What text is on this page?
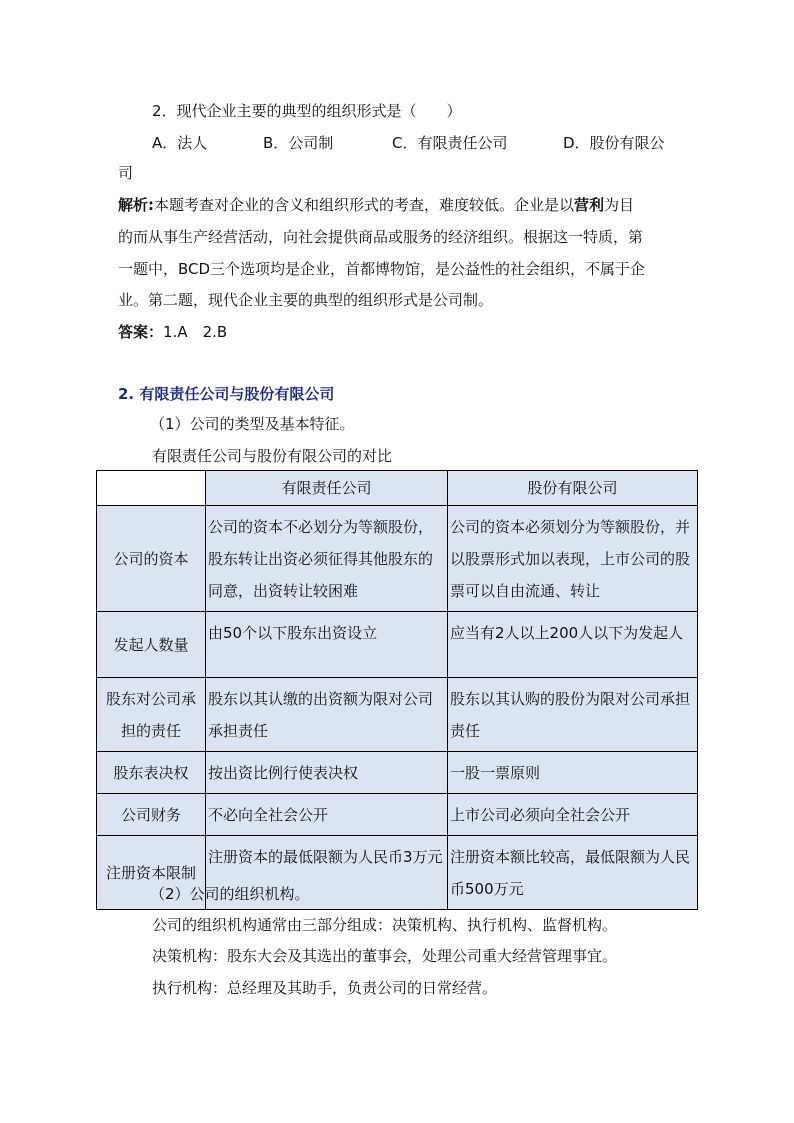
2．现代企业主要的典型的组织形式是（　　）
A．法人	B．公司制	C．有限责任公司	D．股份有限公
司
解析:本题考查对企业的含义和组织形式的考查，难度较低。企业是以营利为目
的而从事生产经营活动，向社会提供商品或服务的经济组织。根据这一特质，第
一题中，BCD三个选项均是企业，首都博物馆，是公益性的社会组织，不属于企
业。第二题，现代企业主要的典型的组织形式是公司制。
答案：1.A　2.B
2. 有限责任公司与股份有限公司
（1）公司的类型及基本特征。
有限责任公司与股份有限公司的对比
	有限责任公司	股份有限公司
公司的资本	公司的资本不必划分为等额股份，股东转让出资必须征得其他股东的同意，出资转让较困难	公司的资本必须划分为等额股份，并以股票形式加以表现，上市公司的股票可以自由流通、转让
发起人数量	由50个以下股东出资设立	应当有2人以上200人以下为发起人
股东对公司承担的责任	股东以其认缴的出资额为限对公司承担责任	股东以其认购的股份为限对公司承担责任
股东表决权	按出资比例行使表决权	一股一票原则
公司财务	不必向全社会公开	上市公司必须向全社会公开
注册资本限制	注册资本的最低限额为人民币3万元	注册资本额比较高，最低限额为人民币500万元
（2）公司的组织机构。
公司的组织机构通常由三部分组成：决策机构、执行机构、监督机构。
决策机构：股东大会及其选出的董事会，处理公司重大经营管理事宜。
执行机构：总经理及其助手，负责公司的日常经营。
